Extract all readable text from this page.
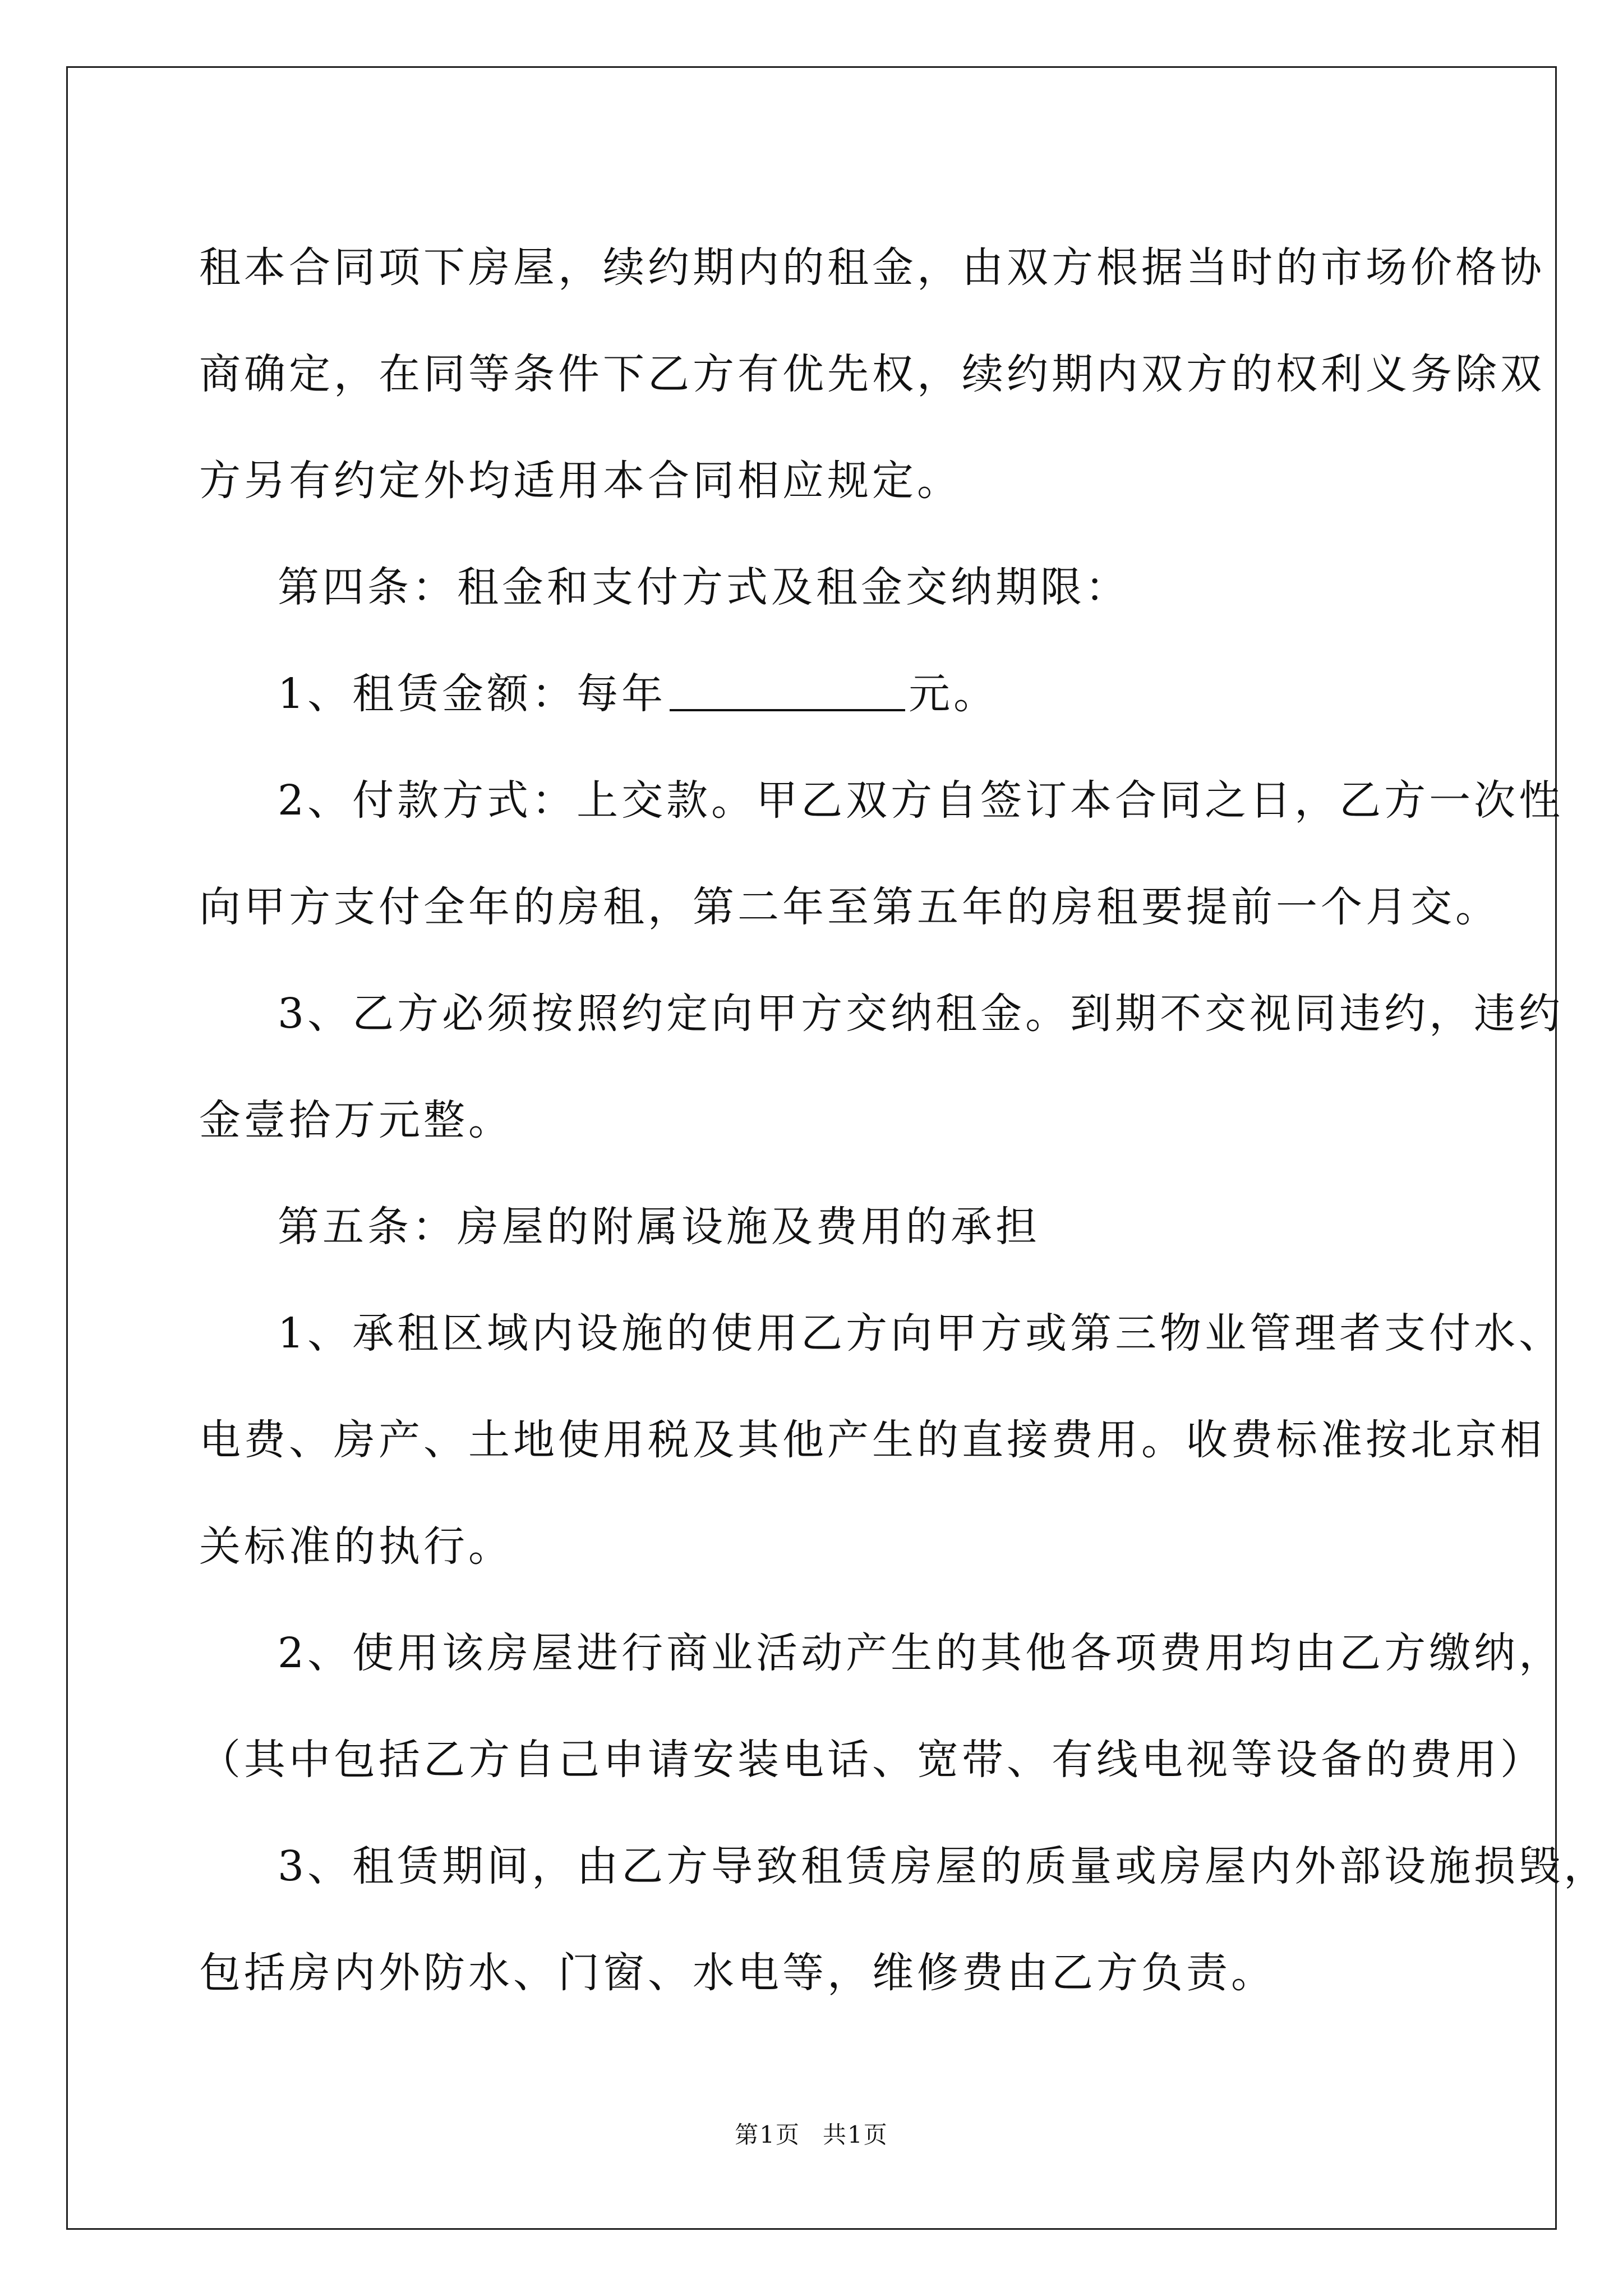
租本合同项下房屋，续约期内的租金，由双方根据当时的市场价格协
商确定，在同等条件下乙方有优先权，续约期内双方的权利义务除双
方另有约定外均适用本合同相应规定。
第四条：租金和支付方式及租金交纳期限：
1、租赁金额：每年	元。
2、付款方式：上交款。甲乙双方自签订本合同之日，乙方一次性
向甲方支付全年的房租，第二年至第五年的房租要提前一个月交。
3、乙方必须按照约定向甲方交纳租金。到期不交视同违约，违约
金壹拾万元整。
第五条：房屋的附属设施及费用的承担
1、承租区域内设施的使用乙方向甲方或第三物业管理者支付水、
电费、房产、土地使用税及其他产生的直接费用。收费标准按北京相
关标准的执行。
2、使用该房屋进行商业活动产生的其他各项费用均由乙方缴纳，
（其中包括乙方自己申请安装电话、宽带、有线电视等设备的费用）
3、租赁期间，由乙方导致租赁房屋的质量或房屋内外部设施损毁，
包括房内外防水、门窗、水电等，维修费由乙方负责。
第1页 共1页
